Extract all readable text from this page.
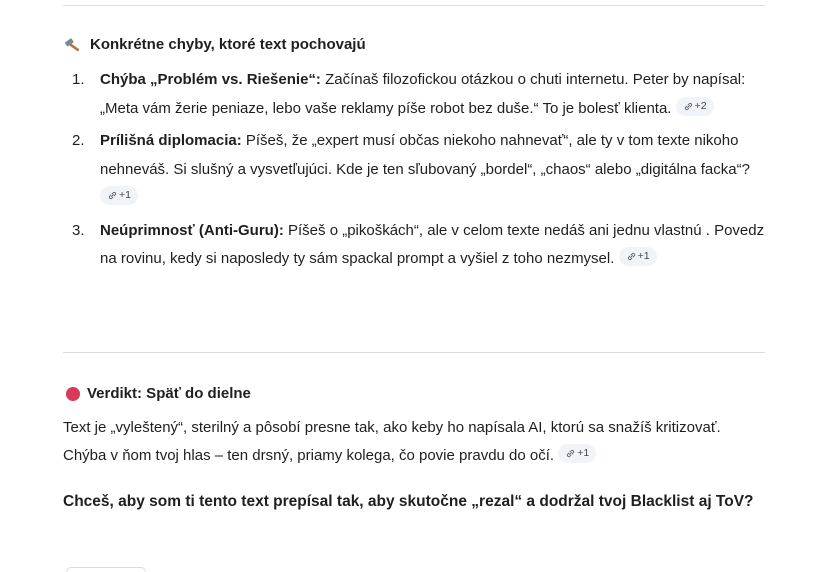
Konkrétne chyby, ktoré text pochovajú
1. Chýba „Problém vs. Riešenie“: Začínaš filozofickou otázkou o chuti internetu. Peter by napísal: „Meta vám žerie peniaze, lebo vaše reklamy píše robot bez duše.“ To je bolesť klienta. +2
2. Prílišná diplomacia: Píšeš, že „expert musí občas niekoho nahnevať“, ale ty v tom texte nikoho nehneváš. Si slušný a vysvetľujúci. Kde je ten sľubovaný „bordel“, „chaos“ alebo „digitálna facka“?
+1
3. Neúprimnosť (Anti-Guru): Píšeš o „pikoškách“, ale v celom texte nedáš ani jednu vlastnú . Povedz na rovinu, kedy si naposledy ty sám spackal prompt a vyšiel z toho nezmysel. +1
Verdikt: Späť do dielne
Text je „vyleštený“, sterilný a pôsobí presne tak, ako keby ho napísala AI, ktorú sa snažíš kritizovať. Chýba v ňom tvoj hlas – ten drsný, priamy kolega, čo povie pravdu do očí. +1
Chceš, aby som ti tento text prepísal tak, aby skutočne „rezal“ a dodržal tvoj Blacklist aj ToV?
